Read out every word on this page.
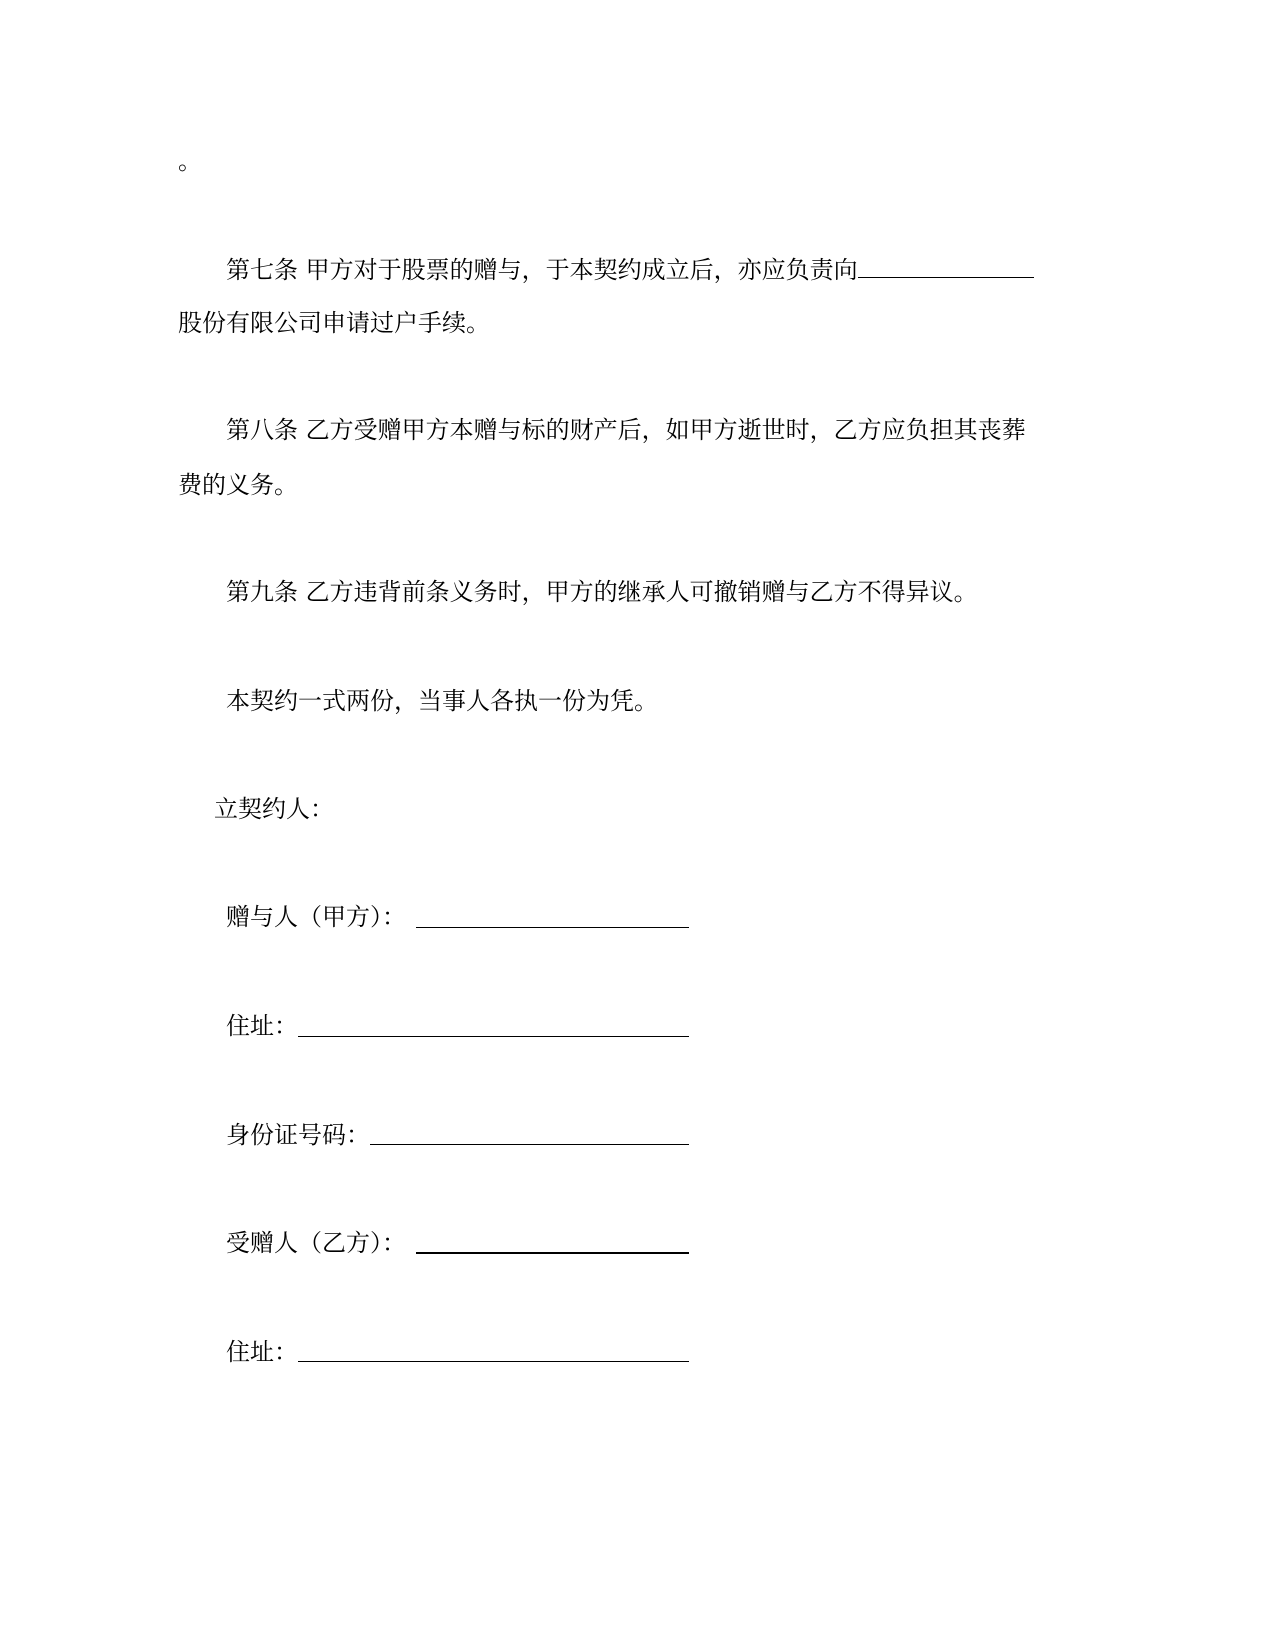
。

第七条 甲方对于股票的赠与，于本契约成立后，亦应负责向

股份有限公司申请过户手续。

第八条 乙方受赠甲方本赠与标的财产后，如甲方逝世时，乙方应负担其丧葬

费的义务。

第九条 乙方违背前条义务时，甲方的继承人可撤销赠与乙方不得异议。

本契约一式两份，当事人各执一份为凭。

立契约人：

赠与人（甲方）：

住址：

身份证号码：

受赠人（乙方）：

住址：
